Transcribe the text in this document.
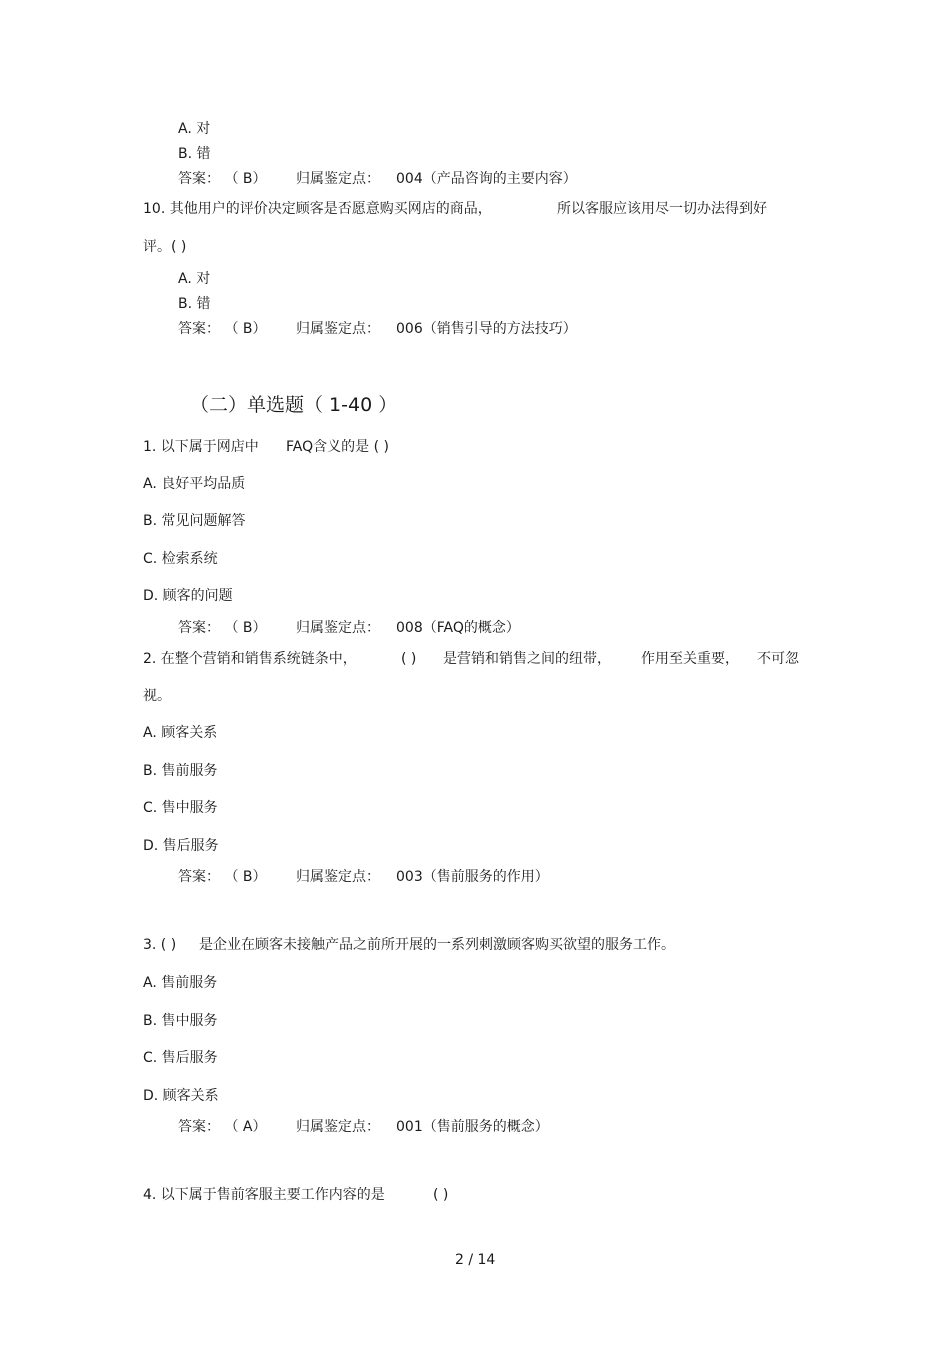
A. 对
B. 错
答案： （ B） 归属鉴定点： 004（产品咨询的主要内容）
10. 其他用户的评价决定顾客是否愿意购买网店的商品，	所以客服应该用尽一切办法得到好
评。( )
A. 对
B. 错
答案： （ B） 归属鉴定点： 006（销售引导的方法技巧）
（二）单选题（ 1-40 ）
1. 以下属于网店中 FAQ含义的是 ( )
A. 良好平均品质
B. 常见问题解答
C. 检索系统
D. 顾客的问题
答案： （ B） 归属鉴定点： 008（FAQ的概念）
2. 在整个营销和销售系统链条中，	( ) 是营销和销售之间的纽带， 作用至关重要， 不可忽
视。
A. 顾客关系
B. 售前服务
C. 售中服务
D. 售后服务
答案： （ B） 归属鉴定点： 003（售前服务的作用）
3. ( ) 是企业在顾客未接触产品之前所开展的一系列刺激顾客购买欲望的服务工作。
A. 售前服务
B. 售中服务
C. 售后服务
D. 顾客关系
答案： （ A） 归属鉴定点： 001（售前服务的概念）
4. 以下属于售前客服主要工作内容的是	( )
2 / 14
